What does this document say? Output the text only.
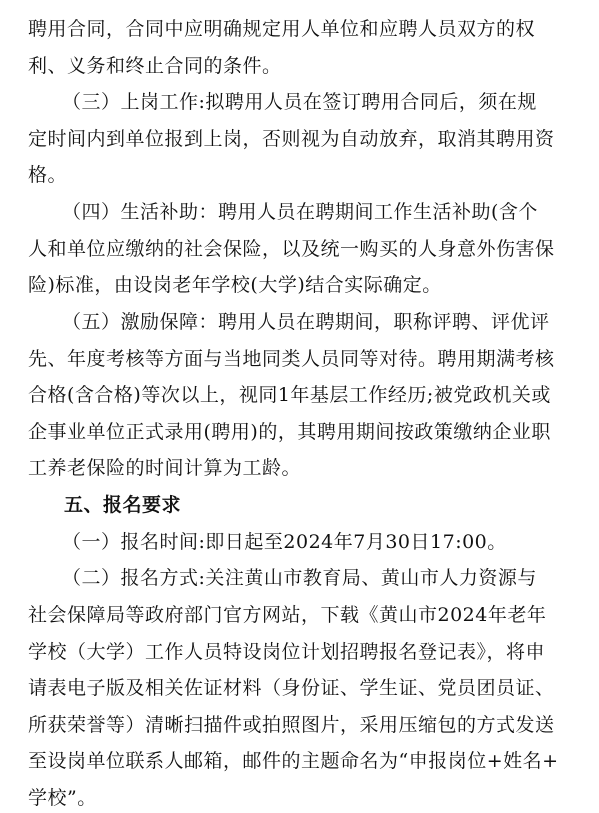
聘用合同，合同中应明确规定用人单位和应聘人员双方的权
利、义务和终止合同的条件。
（三）上岗工作:拟聘用人员在签订聘用合同后，须在规
定时间内到单位报到上岗，否则视为自动放弃，取消其聘用资
格。
（四）生活补助：聘用人员在聘期间工作生活补助(含个
人和单位应缴纳的社会保险，以及统一购买的人身意外伤害保
险)标准，由设岗老年学校(大学)结合实际确定。
（五）激励保障：聘用人员在聘期间，职称评聘、评优评
先、年度考核等方面与当地同类人员同等对待。聘用期满考核
合格(含合格)等次以上，视同1年基层工作经历;被党政机关或
企事业单位正式录用(聘用)的，其聘用期间按政策缴纳企业职
工养老保险的时间计算为工龄。
五、报名要求
（一）报名时间:即日起至2024年7月30日17:00。
（二）报名方式:关注黄山市教育局、黄山市人力资源与
社会保障局等政府部门官方网站，下载《黄山市2024年老年
学校（大学）工作人员特设岗位计划招聘报名登记表》，将申
请表电子版及相关佐证材料（身份证、学生证、党员团员证、
所获荣誉等）清晰扫描件或拍照图片，采用压缩包的方式发送
至设岗单位联系人邮箱，邮件的主题命名为“申报岗位+姓名+
学校”。
